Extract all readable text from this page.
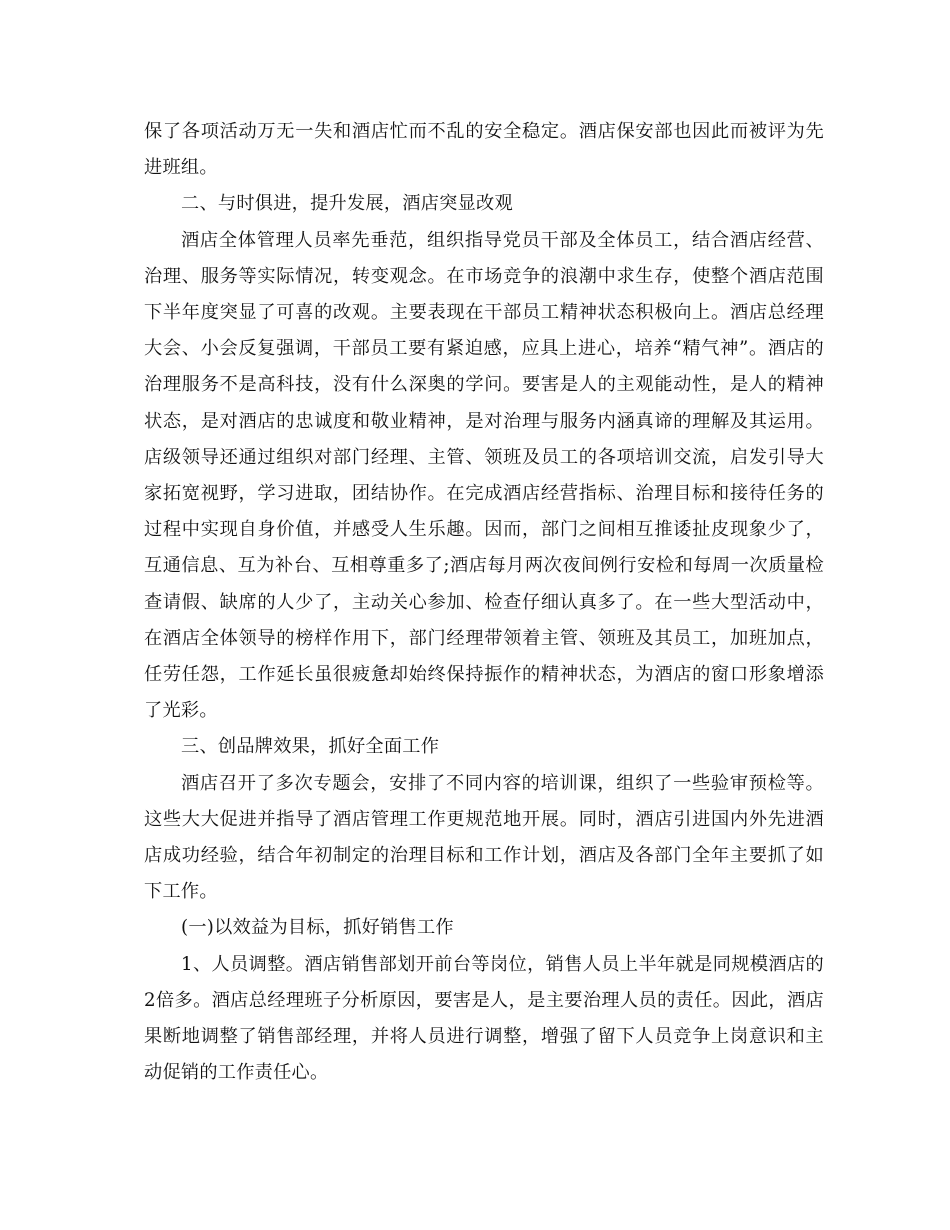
保了各项活动万无一失和酒店忙而不乱的安全稳定。酒店保安部也因此而被评为先进班组。

二、与时俱进，提升发展，酒店突显改观

酒店全体管理人员率先垂范，组织指导党员干部及全体员工，结合酒店经营、治理、服务等实际情况，转变观念。在市场竞争的浪潮中求生存，使整个酒店范围下半年度突显了可喜的改观。主要表现在干部员工精神状态积极向上。酒店总经理大会、小会反复强调，干部员工要有紧迫感，应具上进心，培养“精气神”。酒店的治理服务不是高科技，没有什么深奥的学问。要害是人的主观能动性，是人的精神状态，是对酒店的忠诚度和敬业精神，是对治理与服务内涵真谛的理解及其运用。店级领导还通过组织对部门经理、主管、领班及员工的各项培训交流，启发引导大家拓宽视野，学习进取，团结协作。在完成酒店经营指标、治理目标和接待任务的过程中实现自身价值，并感受人生乐趣。因而，部门之间相互推诿扯皮现象少了，互通信息、互为补台、互相尊重多了;酒店每月两次夜间例行安检和每周一次质量检查请假、缺席的人少了，主动关心参加、检查仔细认真多了。在一些大型活动中，在酒店全体领导的榜样作用下，部门经理带领着主管、领班及其员工，加班加点，任劳任怨，工作延长虽很疲惫却始终保持振作的精神状态，为酒店的窗口形象增添了光彩。

三、创品牌效果，抓好全面工作

酒店召开了多次专题会，安排了不同内容的培训课，组织了一些验审预检等。这些大大促进并指导了酒店管理工作更规范地开展。同时，酒店引进国内外先进酒店成功经验，结合年初制定的治理目标和工作计划，酒店及各部门全年主要抓了如下工作。

(一)以效益为目标，抓好销售工作

1、人员调整。酒店销售部划开前台等岗位，销售人员上半年就是同规模酒店的2倍多。酒店总经理班子分析原因，要害是人，是主要治理人员的责任。因此，酒店果断地调整了销售部经理，并将人员进行调整，增强了留下人员竞争上岗意识和主动促销的工作责任心。
